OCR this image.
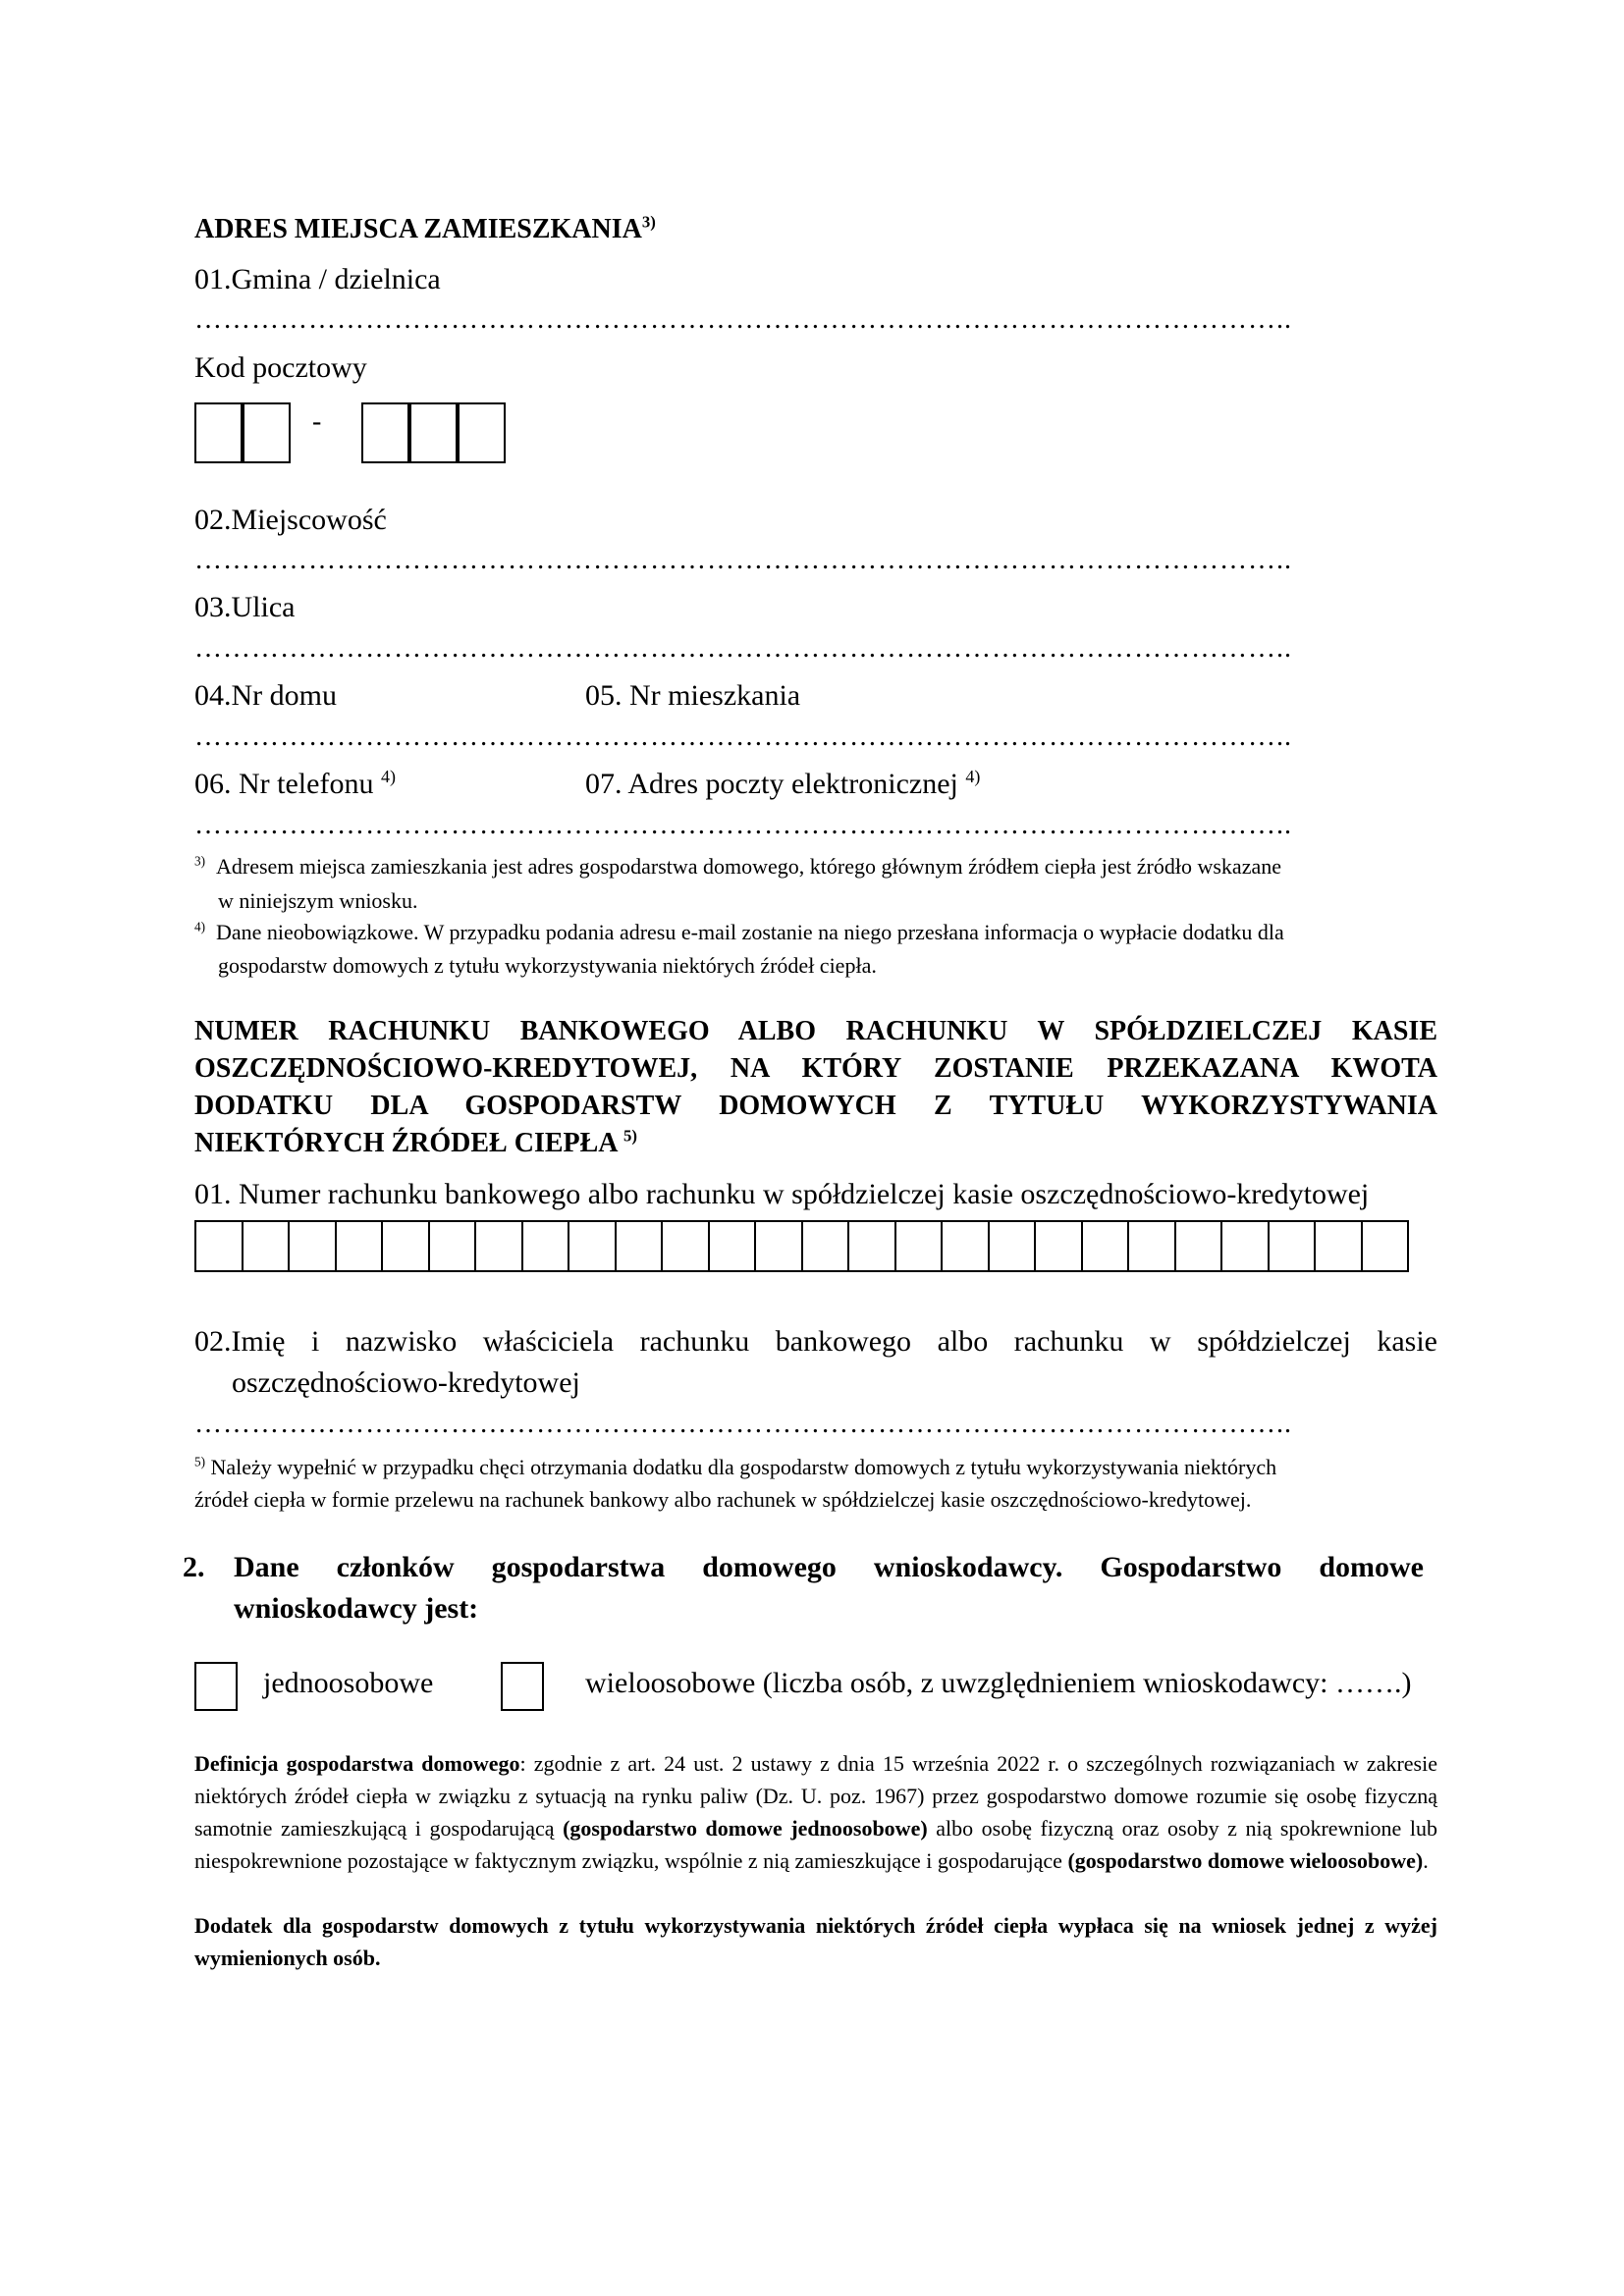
ADRES MIEJSCA ZAMIESZKANIA$^{3)}$
01.Gmina / dzielnica
……………………………………………………………………………………………………..
Kod pocztowy
-
02.Miejscowość
……………………………………………………………………………………………………..
03.Ulica
……………………………………………………………………………………………………..
04.Nr domu	05. Nr mieszkania
……………………………………………………………………………………………………..
06. Nr telefonu $^{4)}$	07. Adres poczty elektronicznej $^{4)}$
……………………………………………………………………………………………………..
$^{3)}$ Adresem miejsca zamieszkania jest adres gospodarstwa domowego, którego głównym źródłem ciepła jest źródło wskazane
w niniejszym wniosku.
$^{4)}$ Dane nieobowiązkowe. W przypadku podania adresu e-mail zostanie na niego przesłana informacja o wypłacie dodatku dla
gospodarstw domowych z tytułu wykorzystywania niektórych źródeł ciepła.
NUMER RACHUNKU BANKOWEGO ALBO RACHUNKU W SPÓŁDZIELCZEJ KASIE OSZCZĘDNOŚCIOWO-KREDYTOWEJ, NA KTÓRY ZOSTANIE PRZEKAZANA KWOTA DODATKU DLA GOSPODARSTW DOMOWYCH Z TYTUŁU WYKORZYSTYWANIA NIEKTÓRYCH ŹRÓDEŁ CIEPŁA $^{5)}$
01. Numer rachunku bankowego albo rachunku w spółdzielczej kasie oszczędnościowo-kredytowej
02.Imię i nazwisko właściciela rachunku bankowego albo rachunku w spółdzielczej kasie
oszczędnościowo-kredytowej
……………………………………………………………………………………………………..
$^{5)}$ Należy wypełnić w przypadku chęci otrzymania dodatku dla gospodarstw domowych z tytułu wykorzystywania niektórych
źródeł ciepła w formie przelewu na rachunek bankowy albo rachunek w spółdzielczej kasie oszczędnościowo-kredytowej.
2. Dane członków gospodarstwa domowego wnioskodawcy. Gospodarstwo domowe
wnioskodawcy jest:
jednoosobowe	wieloosobowe (liczba osób, z uwzględnieniem wnioskodawcy: …….)
Definicja gospodarstwa domowego: zgodnie z art. 24 ust. 2 ustawy z dnia 15 września 2022 r. o szczególnych rozwiązaniach w zakresie niektórych źródeł ciepła w związku z sytuacją na rynku paliw (Dz. U. poz. 1967) przez gospodarstwo domowe rozumie się osobę fizyczną samotnie zamieszkującą i gospodarującą (gospodarstwo domowe jednoosobowe) albo osobę fizyczną oraz osoby z nią spokrewnione lub niespokrewnione pozostające w faktycznym związku, wspólnie z nią zamieszkujące i gospodarujące (gospodarstwo domowe wieloosobowe).
Dodatek dla gospodarstw domowych z tytułu wykorzystywania niektórych źródeł ciepła wypłaca się na wniosek jednej z wyżej wymienionych osób.
